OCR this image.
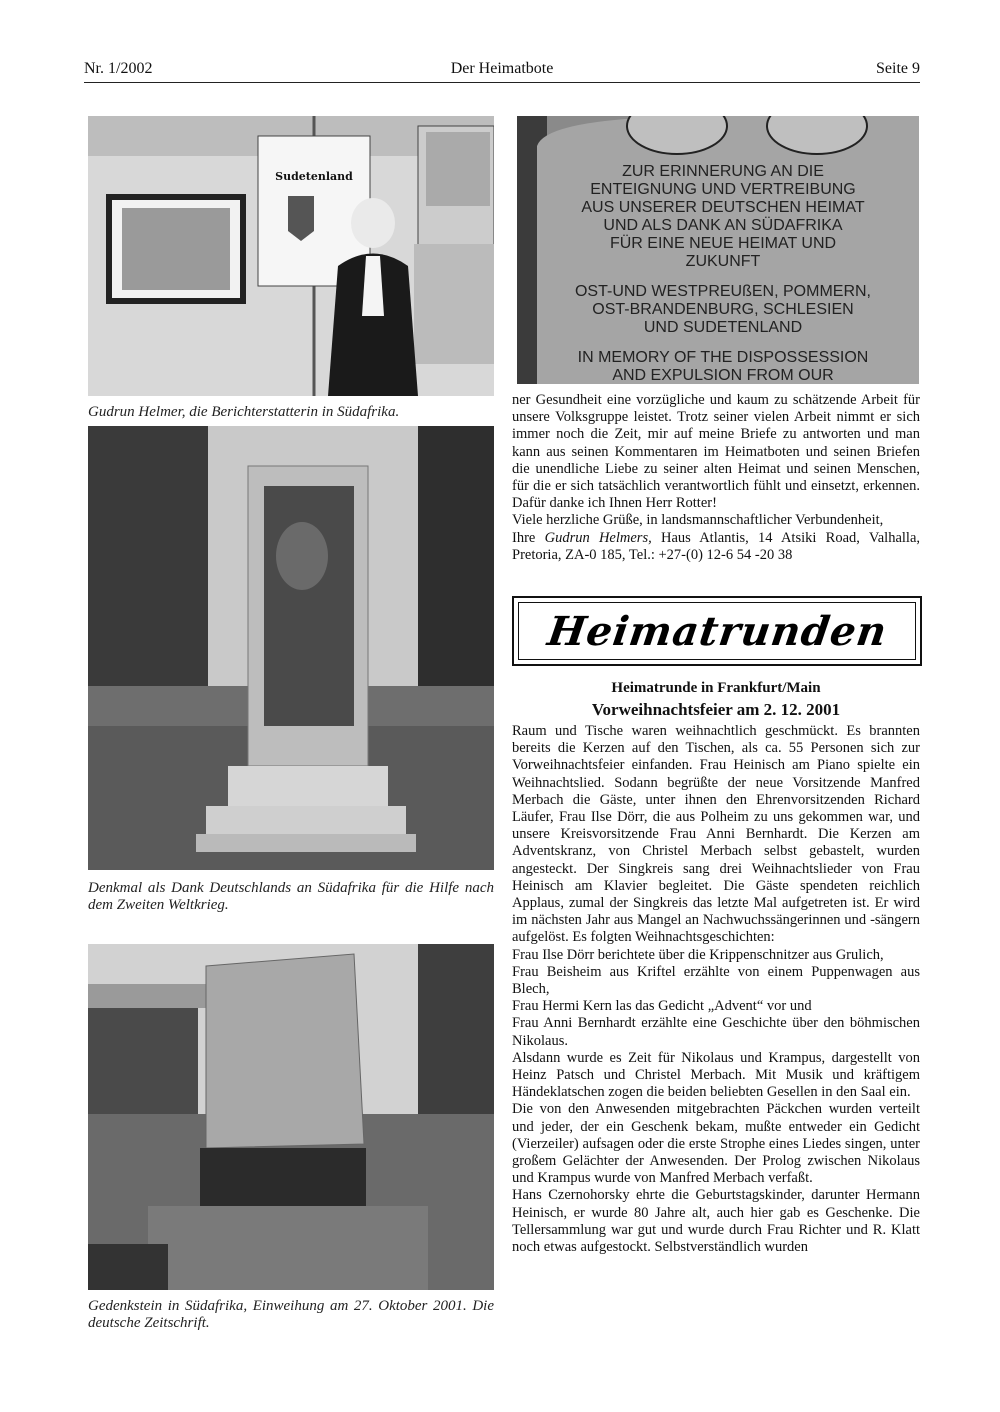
Nr. 1/2002	Der Heimatbote	Seite 9
Sudetenland
Gudrun Helmer, die Berichterstatterin in Südafrika.
Denkmal als Dank Deutschlands an Südafrika für die Hilfe nach dem Zweiten Weltkrieg.
Gedenkstein in Südafrika, Einweihung am 27. Oktober 2001. Die deutsche Zeitschrift.
ZUR ERINNERUNG AN DIE
ENTEIGNUNG UND VERTREIBUNG
AUS UNSERER DEUTSCHEN HEIMAT
UND ALS DANK AN SÜDAFRIKA
FÜR EINE NEUE HEIMAT UND
ZUKUNFT
OST-UND WESTPREUßEN, POMMERN,
OST-BRANDENBURG, SCHLESIEN
UND SUDETENLAND
IN MEMORY OF THE DISPOSSESSION
AND EXPULSION FROM OUR

ner Gesundheit eine vorzügliche und kaum zu schätzende Arbeit für unsere Volksgruppe leistet. Trotz seiner vielen Arbeit nimmt er sich immer noch die Zeit, mir auf meine Briefe zu antworten und man kann aus seinen Kommentaren im Heimatboten und seinen Briefen die unendliche Liebe zu seiner alten Heimat und seinen Menschen, für die er sich tatsächlich verantwortlich fühlt und einsetzt, erkennen. Dafür danke ich Ihnen Herr Rotter!

Viele herzliche Grüße, in landsmannschaftlicher Verbundenheit,

Ihre Gudrun Helmers, Haus Atlantis, 14 Atsiki Road, Valhalla, Pretoria, ZA-0 185, Tel.: +27-(0) 12-6 54 -20 38

Heimatrunden
Heimatrunde in Frankfurt/Main
Vorweihnachtsfeier am 2. 12. 2001

Raum und Tische waren weihnachtlich geschmückt. Es brannten bereits die Kerzen auf den Tischen, als ca. 55 Personen sich zur Vorweihnachtsfeier einfanden. Frau Heinisch am Piano spielte ein Weihnachtslied. Sodann begrüßte der neue Vorsitzende Manfred Merbach die Gäste, unter ihnen den Ehrenvorsitzenden Richard Läufer, Frau Ilse Dörr, die aus Polheim zu uns gekommen war, und unsere Kreisvorsitzende Frau Anni Bernhardt. Die Kerzen am Adventskranz, von Christel Merbach selbst gebastelt, wurden angesteckt. Der Singkreis sang drei Weihnachtslieder von Frau Heinisch am Klavier begleitet. Die Gäste spendeten reichlich Applaus, zumal der Singkreis das letzte Mal aufgetreten ist. Er wird im nächsten Jahr aus Mangel an Nachwuchssängerinnen und -sängern aufgelöst. Es folgten Weihnachtsgeschichten:

Frau Ilse Dörr berichtete über die Krippenschnitzer aus Grulich,

Frau Beisheim aus Kriftel erzählte von einem Puppenwagen aus Blech,

Frau Hermi Kern las das Gedicht „Advent“ vor und

Frau Anni Bernhardt erzählte eine Geschichte über den böhmischen Nikolaus.

Alsdann wurde es Zeit für Nikolaus und Krampus, dargestellt von Heinz Patsch und Christel Merbach. Mit Musik und kräftigem Händeklatschen zogen die beiden beliebten Gesellen in den Saal ein.

Die von den Anwesenden mitgebrachten Päckchen wurden verteilt und jeder, der ein Geschenk bekam, mußte entweder ein Gedicht (Vierzeiler) aufsagen oder die erste Strophe eines Liedes singen, unter großem Gelächter der Anwesenden. Der Prolog zwischen Nikolaus und Krampus wurde von Manfred Merbach verfaßt.

Hans Czernohorsky ehrte die Geburtstagskinder, darunter Hermann Heinisch, er wurde 80 Jahre alt, auch hier gab es Geschenke. Die Tellersammlung war gut und wurde durch Frau Richter und R. Klatt noch etwas aufgestockt. Selbstverständlich wurden
